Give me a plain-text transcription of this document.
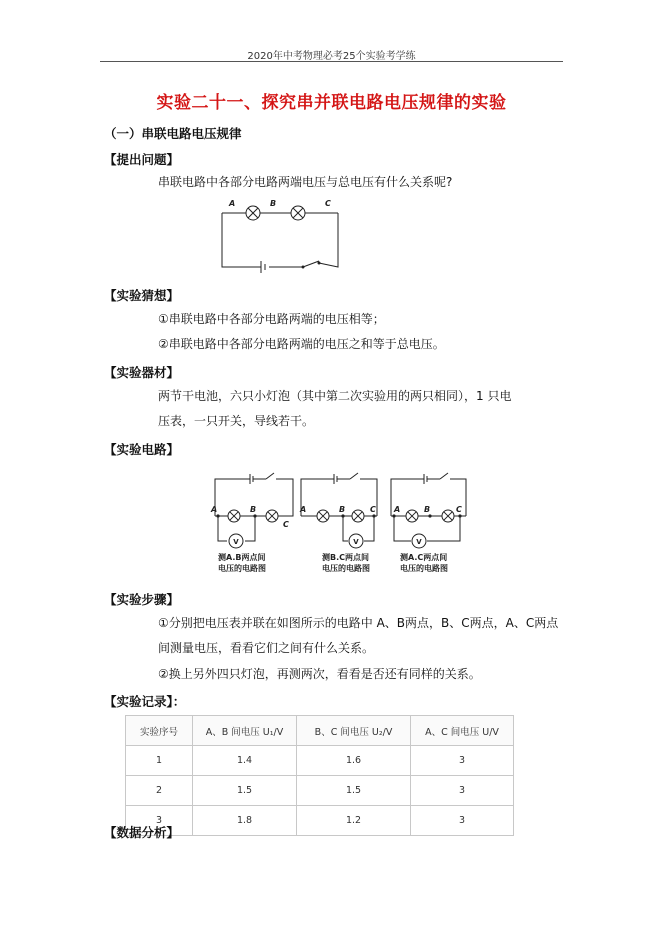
2020年中考物理必考25个实验考学练
实验二十一、探究串并联电路电压规律的实验
（一）串联电路电压规律
【提出问题】
串联电路中各部分电路两端电压与总电压有什么关系呢?
A	B	C
【实验猜想】
①串联电路中各部分电路两端的电压相等；
②串联电路中各部分电路两端的电压之和等于总电压。
【实验器材】
两节干电池，六只小灯泡（其中第二次实验用的两只相同），1 只电
压表，一只开关，导线若干。
【实验电路】
A	B
C
A	B	C A	B	C
V	V	V
测A.B两点间
电压的电路图
测B.C两点间
电压的电路图
测A.C两点间
电压的电路图
【实验步骤】
①分别把电压表并联在如图所示的电路中 A、B两点，B、C两点，A、C两点
间测量电压，看看它们之间有什么关系。
②换上另外四只灯泡，再测两次，看看是否还有同样的关系。
【实验记录】：
实验序号	A、B 间电压 U₁/V	B、C 间电压 U₂/V	A、C 间电压 U/V
1	1.4	1.6	3
2	1.5	1.5	3
3	1.8	1.2	3
【数据分析】
